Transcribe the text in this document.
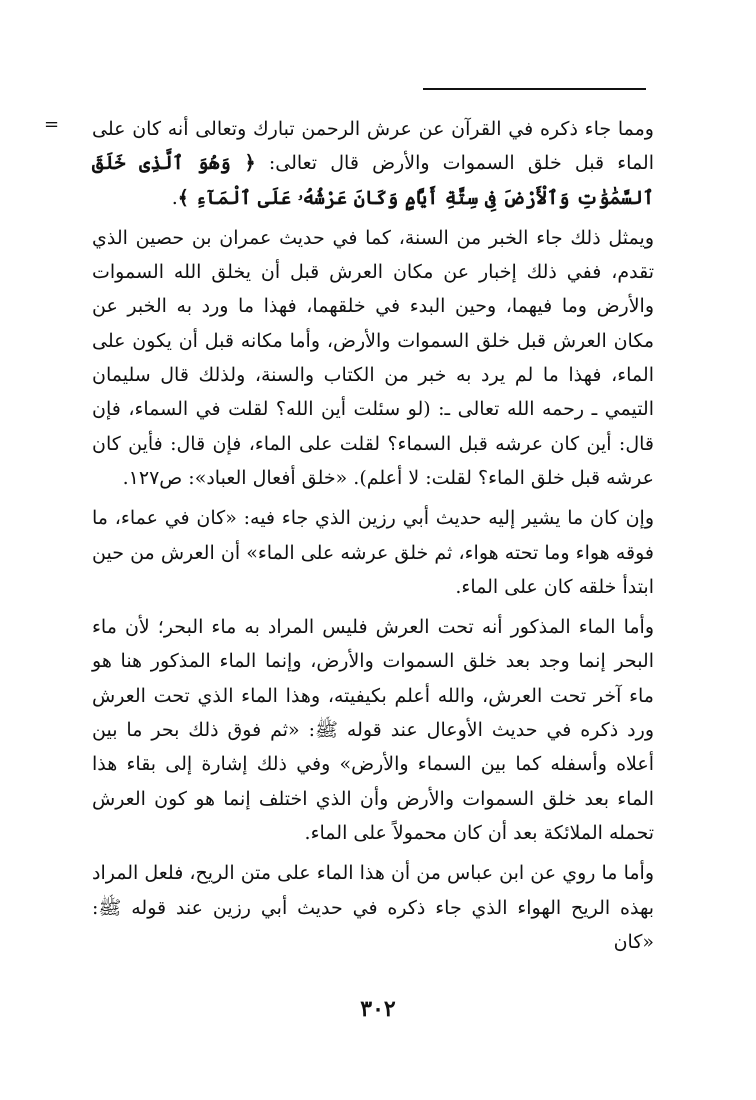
= ومما جاء ذكره في القرآن عن عرش الرحمن تبارك وتعالى أنه كان على الماء قبل خلق السموات والأرض قال تعالى: ﴿ وَهُوَ ٱلَّذِى خَلَقَ ٱلسَّمَٰوَٰتِ وَٱلْأَرْضَ فِى سِتَّةِ أَيَّامٍ وَكَانَ عَرْشُهُۥ عَلَى ٱلْمَآءِ ﴾.

ويمثل ذلك جاء الخبر من السنة، كما في حديث عمران بن حصين الذي تقدم، ففي ذلك إخبار عن مكان العرش قبل أن يخلق الله السموات والأرض وما فيهما، وحين البدء في خلقهما، فهذا ما ورد به الخبر عن مكان العرش قبل خلق السموات والأرض، وأما مكانه قبل أن يكون على الماء، فهذا ما لم يرد به خبر من الكتاب والسنة، ولذلك قال سليمان التيمي ـ رحمه الله تعالى ـ: (لو سئلت أين الله؟ لقلت في السماء، فإن قال: أين كان عرشه قبل السماء؟ لقلت على الماء، فإن قال: فأين كان عرشه قبل خلق الماء؟ لقلت: لا أعلم). «خلق أفعال العباد»: ص١٢٧.

وإن كان ما يشير إليه حديث أبي رزين الذي جاء فيه: «كان في عماء، ما فوقه هواء وما تحته هواء، ثم خلق عرشه على الماء» أن العرش من حين ابتدأ خلقه كان على الماء.

وأما الماء المذكور أنه تحت العرش فليس المراد به ماء البحر؛ لأن ماء البحر إنما وجد بعد خلق السموات والأرض، وإنما الماء المذكور هنا هو ماء آخر تحت العرش، والله أعلم بكيفيته، وهذا الماء الذي تحت العرش ورد ذكره في حديث الأوعال عند قوله ﷺ: «ثم فوق ذلك بحر ما بين أعلاه وأسفله كما بين السماء والأرض» وفي ذلك إشارة إلى بقاء هذا الماء بعد خلق السموات والأرض وأن الذي اختلف إنما هو كون العرش تحمله الملائكة بعد أن كان محمولاً على الماء.

وأما ما روي عن ابن عباس من أن هذا الماء على متن الريح، فلعل المراد بهذه الريح الهواء الذي جاء ذكره في حديث أبي رزين عند قوله ﷺ: «كان

٣٠٢
